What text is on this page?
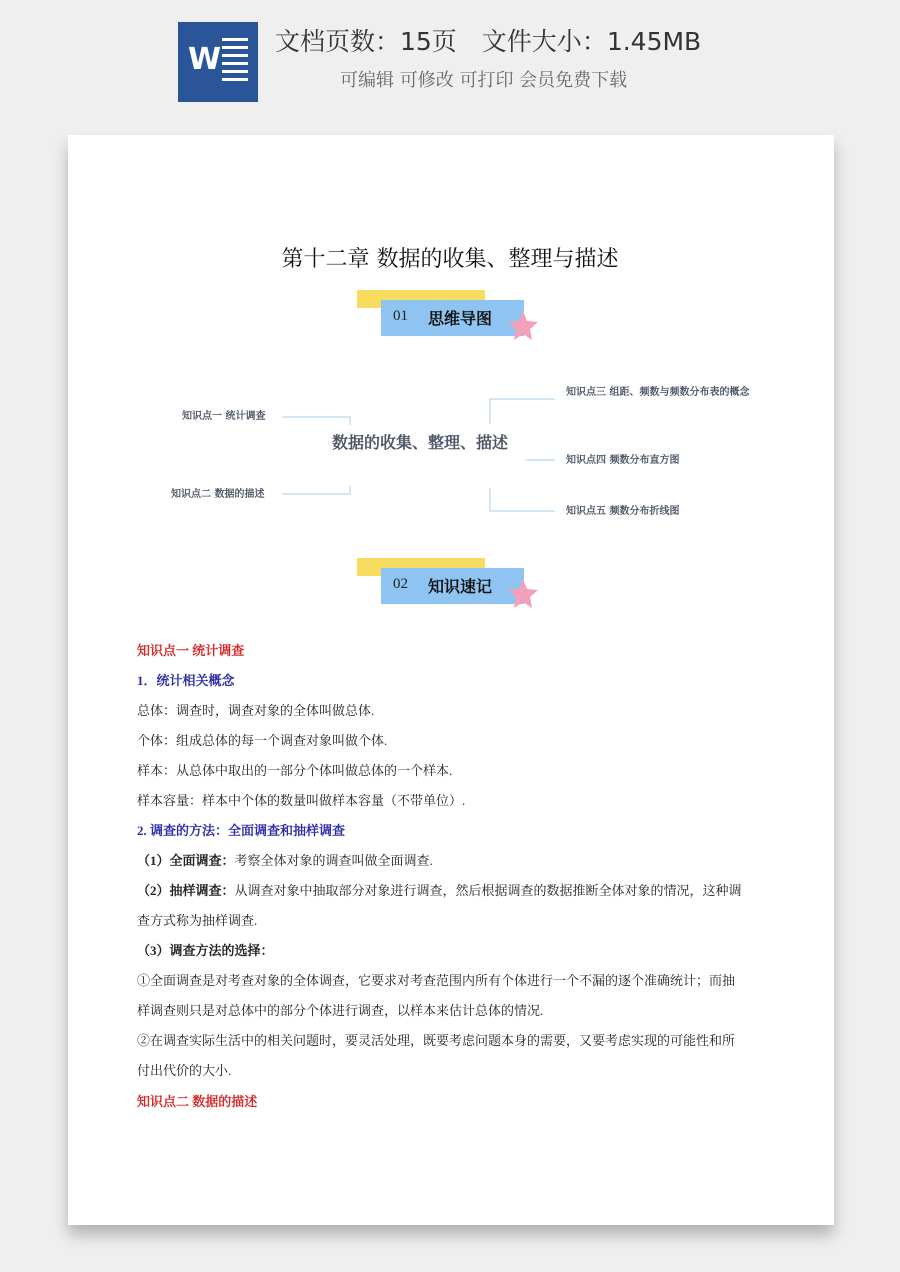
W
文档页数：15页　文件大小：1.45MB
可编辑 可修改 可打印 会员免费下载
第十二章 数据的收集、整理与描述
01 思维导图
数据的收集、整理、描述
知识点一 统计调查
知识点二 数据的描述
知识点三 组距、频数与频数分布表的概念
知识点四 频数分布直方图
知识点五 频数分布折线图
02 知识速记
知识点一 统计调查
1．统计相关概念
总体：调查时，调查对象的全体叫做总体.
个体：组成总体的每一个调查对象叫做个体.
样本：从总体中取出的一部分个体叫做总体的一个样本.
样本容量：样本中个体的数量叫做样本容量（不带单位）.
2. 调查的方法：全面调查和抽样调查
（1）全面调查：考察全体对象的调查叫做全面调查.
（2）抽样调查：从调查对象中抽取部分对象进行调查，然后根据调查的数据推断全体对象的情况，这种调
查方式称为抽样调查.
（3）调查方法的选择：
①全面调查是对考查对象的全体调查，它要求对考查范围内所有个体进行一个不漏的逐个准确统计；而抽
样调查则只是对总体中的部分个体进行调查，以样本来估计总体的情况.
②在调查实际生活中的相关问题时，要灵活处理，既要考虑问题本身的需要，又要考虑实现的可能性和所
付出代价的大小.
知识点二 数据的描述
